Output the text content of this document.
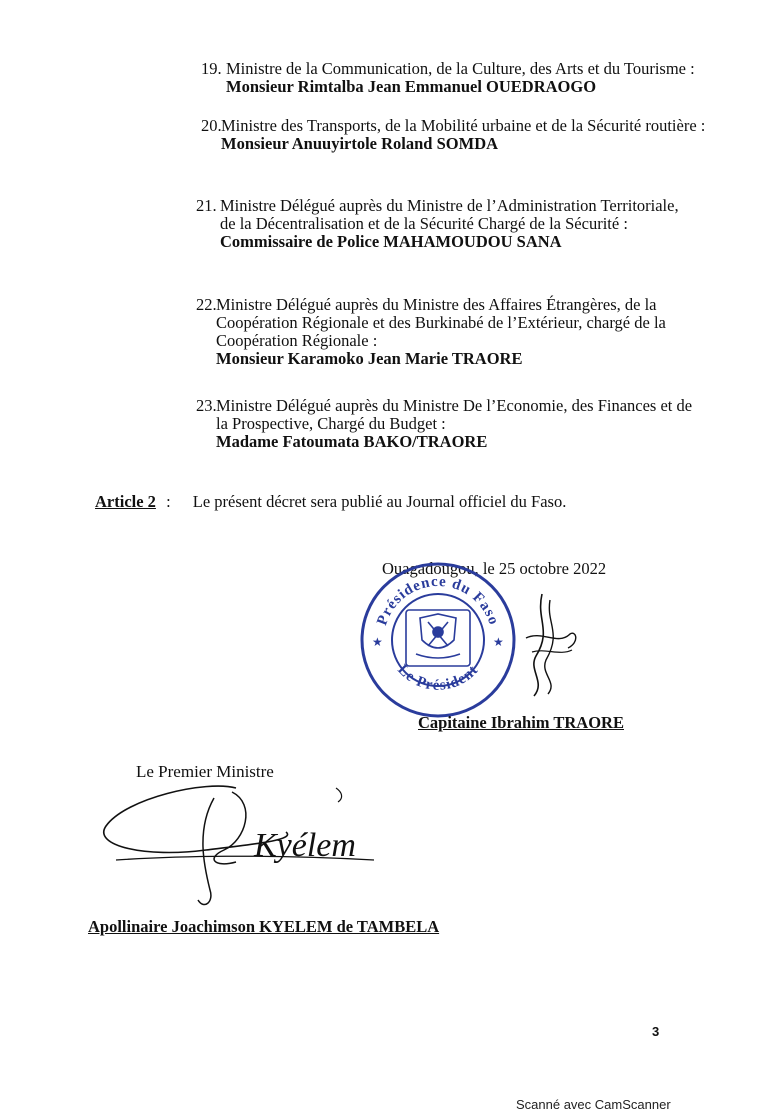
19. Ministre de la Communication, de la Culture, des Arts et du Tourisme :
Monsieur Rimtalba Jean Emmanuel OUEDRAOGO
20. Ministre des Transports, de la Mobilité urbaine et de la Sécurité routière :
Monsieur Anuuyirtole Roland SOMDA
21. Ministre Délégué auprès du Ministre de l’Administration Territoriale,
de la Décentralisation et de la Sécurité Chargé de la Sécurité :
Commissaire de Police MAHAMOUDOU SANA
22. Ministre Délégué auprès du Ministre des Affaires Étrangères, de la
Coopération Régionale et des Burkinabé de l’Extérieur, chargé de la
Coopération Régionale :
Monsieur Karamoko Jean Marie TRAORE
23. Ministre Délégué auprès du Ministre De l’Economie, des Finances et de
la Prospective, Chargé du Budget :
Madame Fatoumata BAKO/TRAORE
Article 2 : Le présent décret sera publié au Journal officiel du Faso.
Ouagadougou, le 25 octobre 2022
Présidence du Faso
Le Président
★	★
Capitaine Ibrahim TRAORE
Le Premier Ministre
Kyélem
Apollinaire Joachimson KYELEM de TAMBELA
3
Scanné avec CamScanner
